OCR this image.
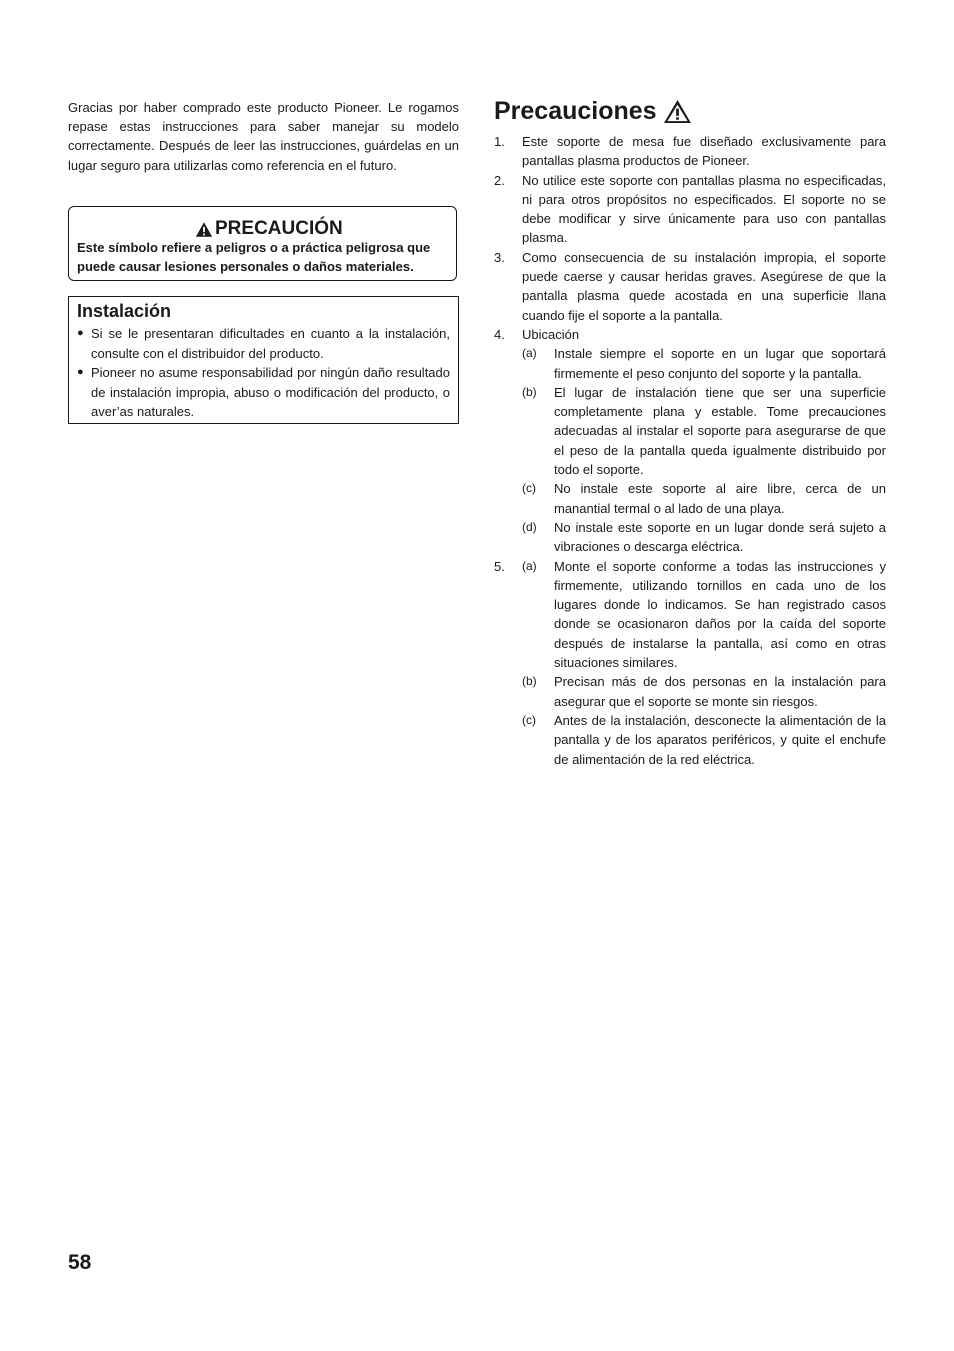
Gracias por haber comprado este producto Pioneer. Le rogamos repase estas instrucciones para saber manejar su modelo correctamente. Después de leer las instrucciones, guárdelas en un lugar seguro para utilizarlas como referencia en el futuro.

PRECAUCIÓN

Este símbolo refiere a peligros o a práctica peligrosa que puede causar lesiones personales o daños materiales.

Instalación
● Si se le presentaran dificultades en cuanto a la instalación, consulte con el distribuidor del producto.
● Pioneer no asume responsabilidad por ningún daño resultado de instalación impropia, abuso o modificación del producto, o aver’as naturales.
Precauciones
1. Este soporte de mesa fue diseñado exclusivamente para pantallas plasma productos de Pioneer.
2. No utilice este soporte con pantallas plasma no especificadas, ni para otros propósitos no especificados. El soporte no se debe modificar y sirve únicamente para uso con pantallas plasma.
3. Como consecuencia de su instalación impropia, el soporte puede caerse y causar heridas graves. Asegúrese de que la pantalla plasma quede acostada en una superficie llana cuando fije el soporte a la pantalla.
4. Ubicación
(a) Instale siempre el soporte en un lugar que soportará firmemente el peso conjunto del soporte y la pantalla.
(b) El lugar de instalación tiene que ser una superficie completamente plana y estable. Tome precauciones adecuadas al instalar el soporte para asegurarse de que el peso de la pantalla queda igualmente distribuido por todo el soporte.
(c) No instale este soporte al aire libre, cerca de un manantial termal o al lado de una playa.
(d) No instale este soporte en un lugar donde será sujeto a vibraciones o descarga eléctrica.
5. (a) Monte el soporte conforme a todas las instrucciones y firmemente, utilizando tornillos en cada uno de los lugares donde lo indicamos. Se han registrado casos donde se ocasionaron daños por la caída del soporte después de instalarse la pantalla, así como en otras situaciones similares.
(b) Precisan más de dos personas en la instalación para asegurar que el soporte se monte sin riesgos.
(c) Antes de la instalación, desconecte la alimentación de la pantalla y de los aparatos periféricos, y quite el enchufe de alimentación de la red eléctrica.

58
